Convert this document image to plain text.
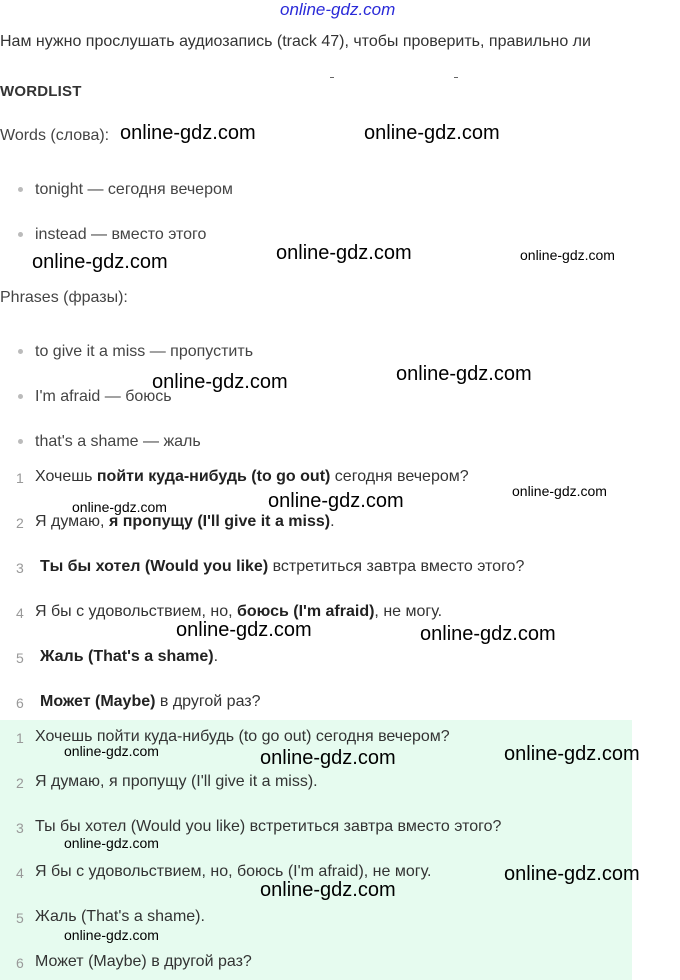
online-gdz.com
Нам нужно прослушать аудиозапись (track 47), чтобы проверить, правильно ли
WORDLIST
Words (слова):
tonight — сегодня вечером
instead — вместо этого
Phrases (фразы):
to give it a miss — пропустить
I'm afraid — боюсь
that's a shame — жаль
1 Хочешь пойти куда-нибудь (to go out) сегодня вечером?
2 Я думаю, я пропущу (I'll give it a miss).
3 Ты бы хотел (Would you like) встретиться завтра вместо этого?
4 Я бы с удовольствием, но, боюсь (I'm afraid), не могу.
5 Жаль (That's a shame).
6 Может (Maybe) в другой раз?
1 Хочешь пойти куда-нибудь (to go out) сегодня вечером?
2 Я думаю, я пропущу (I'll give it a miss).
3 Ты бы хотел (Would you like) встретиться завтра вместо этого?
4 Я бы с удовольствием, но, боюсь (I'm afraid), не могу.
5 Жаль (That's a shame).
6 Может (Maybe) в другой раз?
online-gdz.com	online-gdz.com
online-gdz.com	online-gdz.com	online-gdz.com
online-gdz.com	online-gdz.com
online-gdz.com
online-gdz.com	online-gdz.com
online-gdz.com	online-gdz.com
online-gdz.com	online-gdz.com	online-gdz.com
online-gdz.com
online-gdz.com
online-gdz.com
online-gdz.com
